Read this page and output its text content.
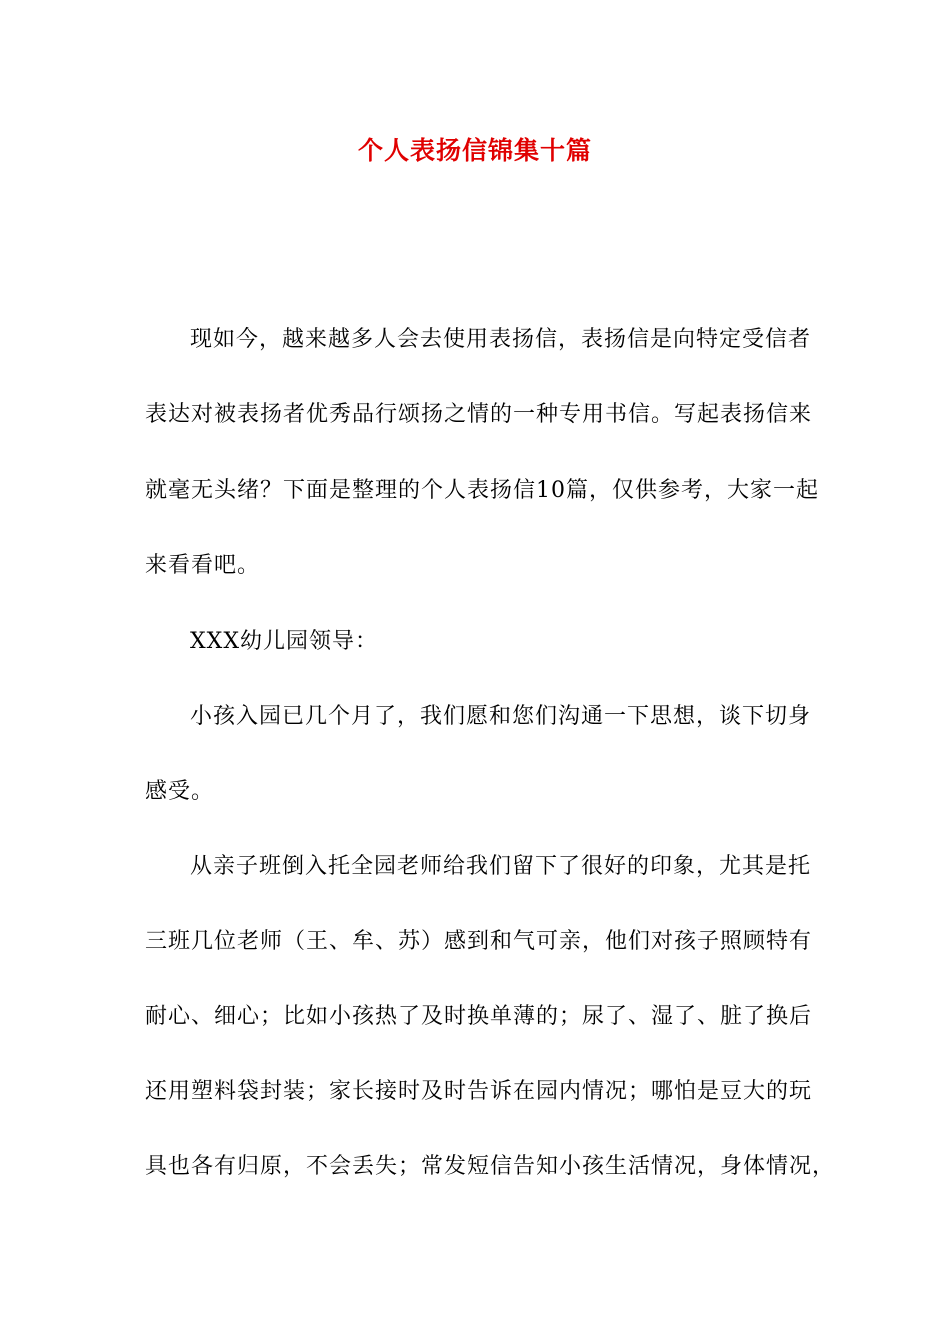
个人表扬信锦集十篇
现如今，越来越多人会去使用表扬信，表扬信是向特定受信者
表达对被表扬者优秀品行颂扬之情的一种专用书信。写起表扬信来
就毫无头绪？下面是整理的个人表扬信10篇，仅供参考，大家一起
来看看吧。
XXX幼儿园领导：
小孩入园已几个月了，我们愿和您们沟通一下思想，谈下切身
感受。
从亲子班倒入托全园老师给我们留下了很好的印象，尤其是托
三班几位老师（王、牟、苏）感到和气可亲，他们对孩子照顾特有
耐心、细心；比如小孩热了及时换单薄的；尿了、湿了、脏了换后
还用塑料袋封装；家长接时及时告诉在园内情况；哪怕是豆大的玩
具也各有归原，不会丢失；常发短信告知小孩生活情况，身体情况，
